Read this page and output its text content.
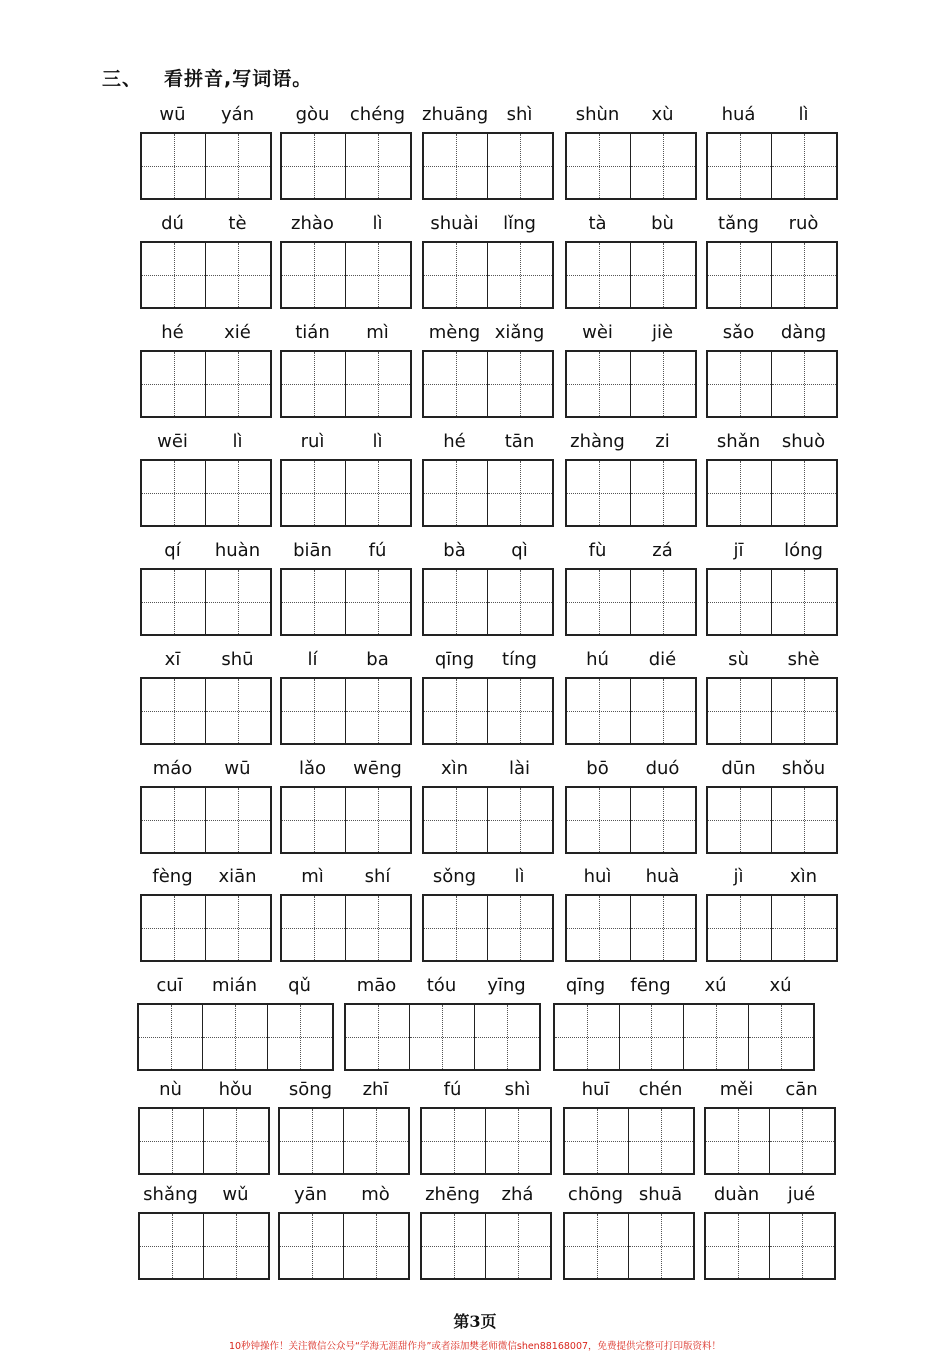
三、 看拼音,写词语。
wū	yán	gòu	chéng zhuāng	shì	shùn	xù	huá	lì
dú	tè	zhào	lì	shuài	lǐng	tà	bù	tǎng	ruò
hé	xié	tián	mì	mèng xiǎng	wèi	jiè	sǎo	dàng
wēi	lì	ruì	lì	hé	tān	zhàng	zi	shǎn	shuò
qí	huàn	biān	fú	bà	qì	fù	zá	jī	lóng
xī	shū	lí	ba	qīng	tíng	hú	dié	sù	shè
máo	wū	lǎo	wēng	xìn	lài	bō	duó	dūn	shǒu
fèng	xiān	mì	shí	sǒng	lì	huì	huà	jì	xìn
cuī	mián	qǔ	māo	tóu	yīng	qīng	fēng	xú	xú
nù	hǒu	sōng	zhī	fú	shì	huī	chén	měi	cān
shǎng	wǔ	yān	mò	zhēng	zhá	chōng shuā	duàn	jué
第3页
10秒钟操作！关注微信公众号“学海无涯甜作舟”或者添加樊老师微信shen88168007，免费提供完整可打印版资料！
